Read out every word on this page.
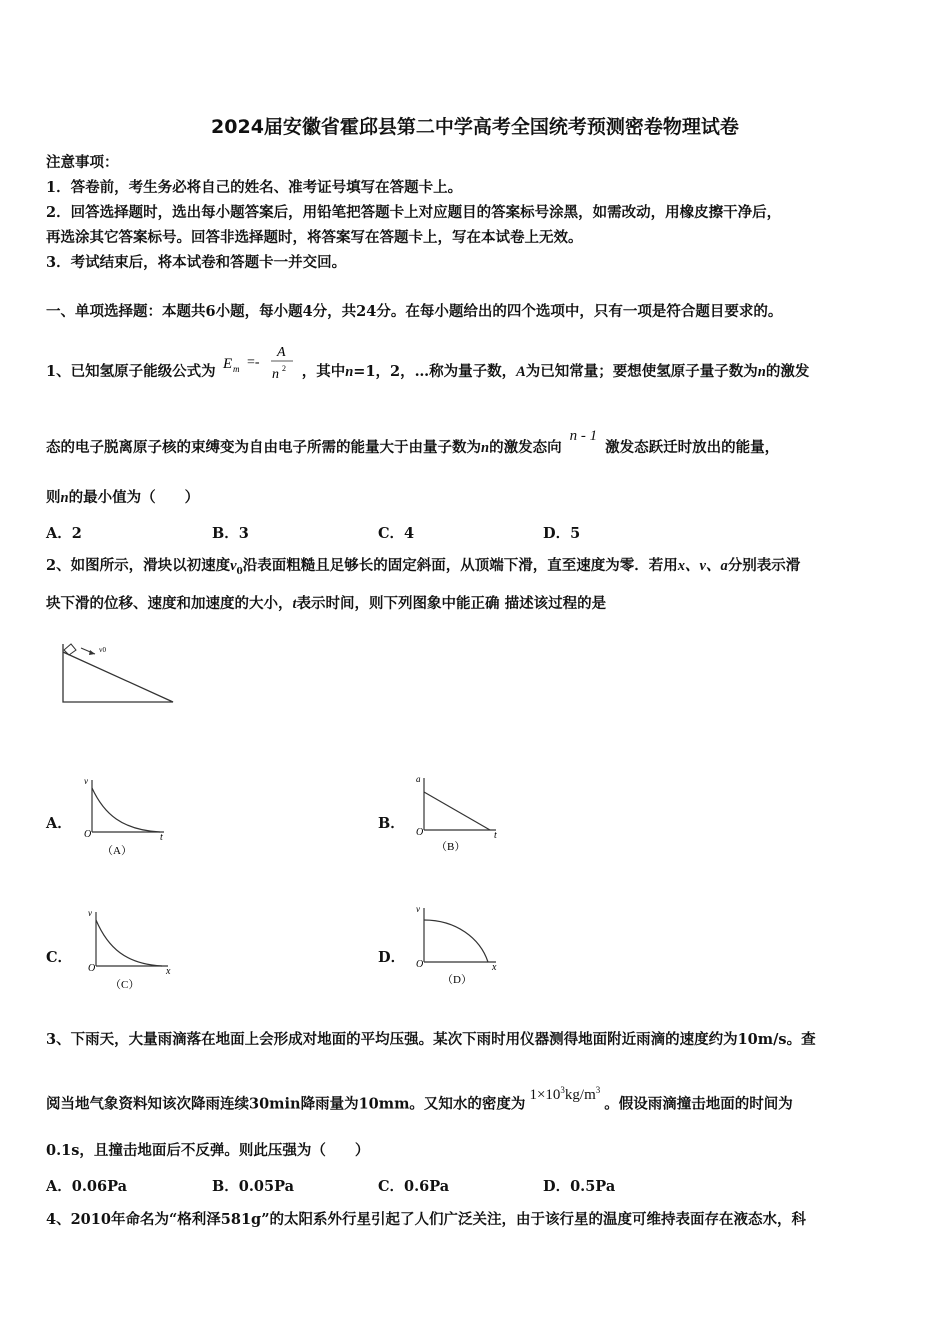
2024届安徽省霍邱县第二中学高考全国统考预测密卷物理试卷
注意事项：
1．答卷前，考生务必将自己的姓名、准考证号填写在答题卡上。
2．回答选择题时，选出每小题答案后，用铅笔把答题卡上对应题目的答案标号涂黑，如需改动，用橡皮擦干净后，
再选涂其它答案标号。回答非选择题时，将答案写在答题卡上，写在本试卷上无效。
3．考试结束后，将本试卷和答题卡一并交回。
一、单项选择题：本题共6小题，每小题4分，共24分。在每小题给出的四个选项中，只有一项是符合题目要求的。
1、已知氢原子能级公式为 E m =-
A
n 2 ，其中n=1，2，…称为量子数，A为已知常量；要想使氢原子量子数为n的激发
态的电子脱离原子核的束缚变为自由电子所需的能量大于由量子数为n的激发态向n - 1激发态跃迁时放出的能量，
则n的最小值为（　　）
A．2	B．3	C．4	D．5
2、如图所示，滑块以初速度$v_0$沿表面粗糙且足够长的固定斜面，从顶端下滑，直至速度为零．若用x、v、a分别表示滑
块下滑的位移、速度和加速度的大小，t表示时间，则下列图象中能正确 描述该过程的是
v0
A．
v
t
O
（A）
B．
a
t
O
（B）
C．
v
x
O
（C）
D．
v
x
O
（D）
3、下雨天，大量雨滴落在地面上会形成对地面的平均压强。某次下雨时用仪器测得地面附近雨滴的速度约为10m/s。查
阅当地气象资料知该次降雨连续30min降雨量为10mm。又知水的密度为$1\times 10^3kg/m^3$。假设雨滴撞击地面的时间为
0.1s，且撞击地面后不反弹。则此压强为（　　）
A．0.06Pa	B．0.05Pa	C．0.6Pa	D．0.5Pa
4、2010年命名为“格利泽581g”的太阳系外行星引起了人们广泛关注，由于该行星的温度可维持表面存在液态水，科
